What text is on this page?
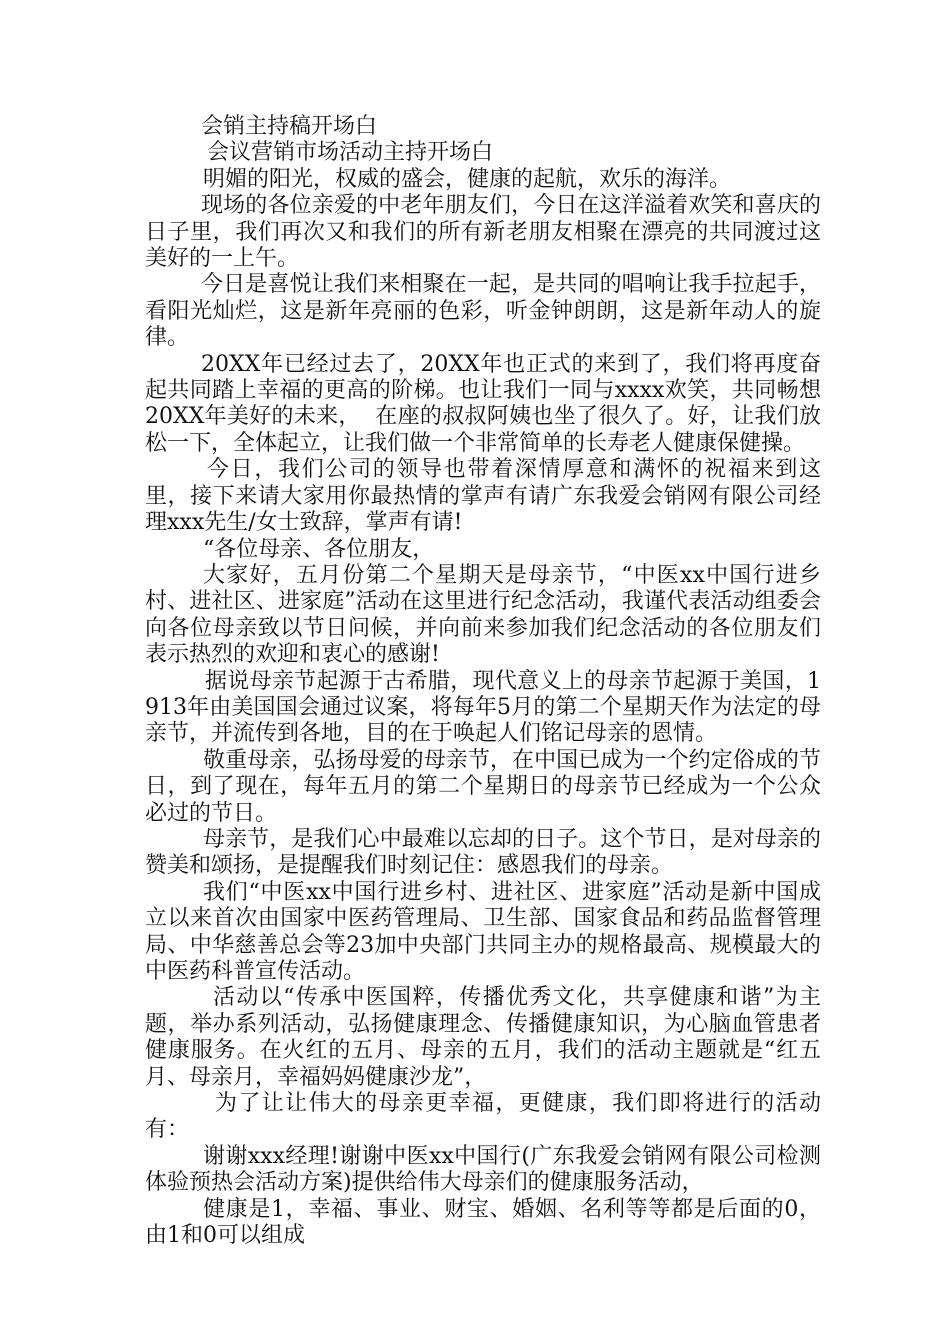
会销主持稿开场白

会议营销市场活动主持开场白

明媚的阳光，权威的盛会，健康的起航，欢乐的海洋。

现场的各位亲爱的中老年朋友们，今日在这洋溢着欢笑和喜庆的日子里，我们再次又和我们的所有新老朋友相聚在漂亮的共同渡过这美好的一上午。

今日是喜悦让我们来相聚在一起，是共同的唱响让我手拉起手，看阳光灿烂，这是新年亮丽的色彩，听金钟朗朗，这是新年动人的旋律。

20XX年已经过去了，20XX年也正式的来到了，我们将再度奋起共同踏上幸福的更高的阶梯。也让我们一同与xxxx欢笑，共同畅想20XX年美好的未来，  在座的叔叔阿姨也坐了很久了。好，让我们放松一下，全体起立，让我们做一个非常简单的长寿老人健康保健操。

今日，我们公司的领导也带着深情厚意和满怀的祝福来到这里，接下来请大家用你最热情的掌声有请广东我爱会销网有限公司经理xxx先生/女士致辞，掌声有请!

“各位母亲、各位朋友，

大家好，五月份第二个星期天是母亲节，“中医xx中国行进乡村、进社区、进家庭”活动在这里进行纪念活动，我谨代表活动组委会向各位母亲致以节日问候，并向前来参加我们纪念活动的各位朋友们表示热烈的欢迎和衷心的感谢!

据说母亲节起源于古希腊，现代意义上的母亲节起源于美国，1913年由美国国会通过议案，将每年5月的第二个星期天作为法定的母亲节，并流传到各地，目的在于唤起人们铭记母亲的恩情。

敬重母亲，弘扬母爱的母亲节，在中国已成为一个约定俗成的节日，到了现在，每年五月的第二个星期日的母亲节已经成为一个公众必过的节日。

母亲节，是我们心中最难以忘却的日子。这个节日，是对母亲的赞美和颂扬，是提醒我们时刻记住：感恩我们的母亲。

我们“中医xx中国行进乡村、进社区、进家庭”活动是新中国成立以来首次由国家中医药管理局、卫生部、国家食品和药品监督管理局、中华慈善总会等23加中央部门共同主办的规格最高、规模最大的中医药科普宣传活动。

活动以“传承中医国粹，传播优秀文化，共享健康和谐”为主题，举办系列活动，弘扬健康理念、传播健康知识，为心脑血管患者健康服务。在火红的五月、母亲的五月，我们的活动主题就是“红五月、母亲月，幸福妈妈健康沙龙”，

为了让让伟大的母亲更幸福，更健康，我们即将进行的活动有：

谢谢xxx经理!谢谢中医xx中国行(广东我爱会销网有限公司检测体验预热会活动方案)提供给伟大母亲们的健康服务活动，

健康是1，幸福、事业、财宝、婚姻、名利等等都是后面的0，由1和0可以组成
